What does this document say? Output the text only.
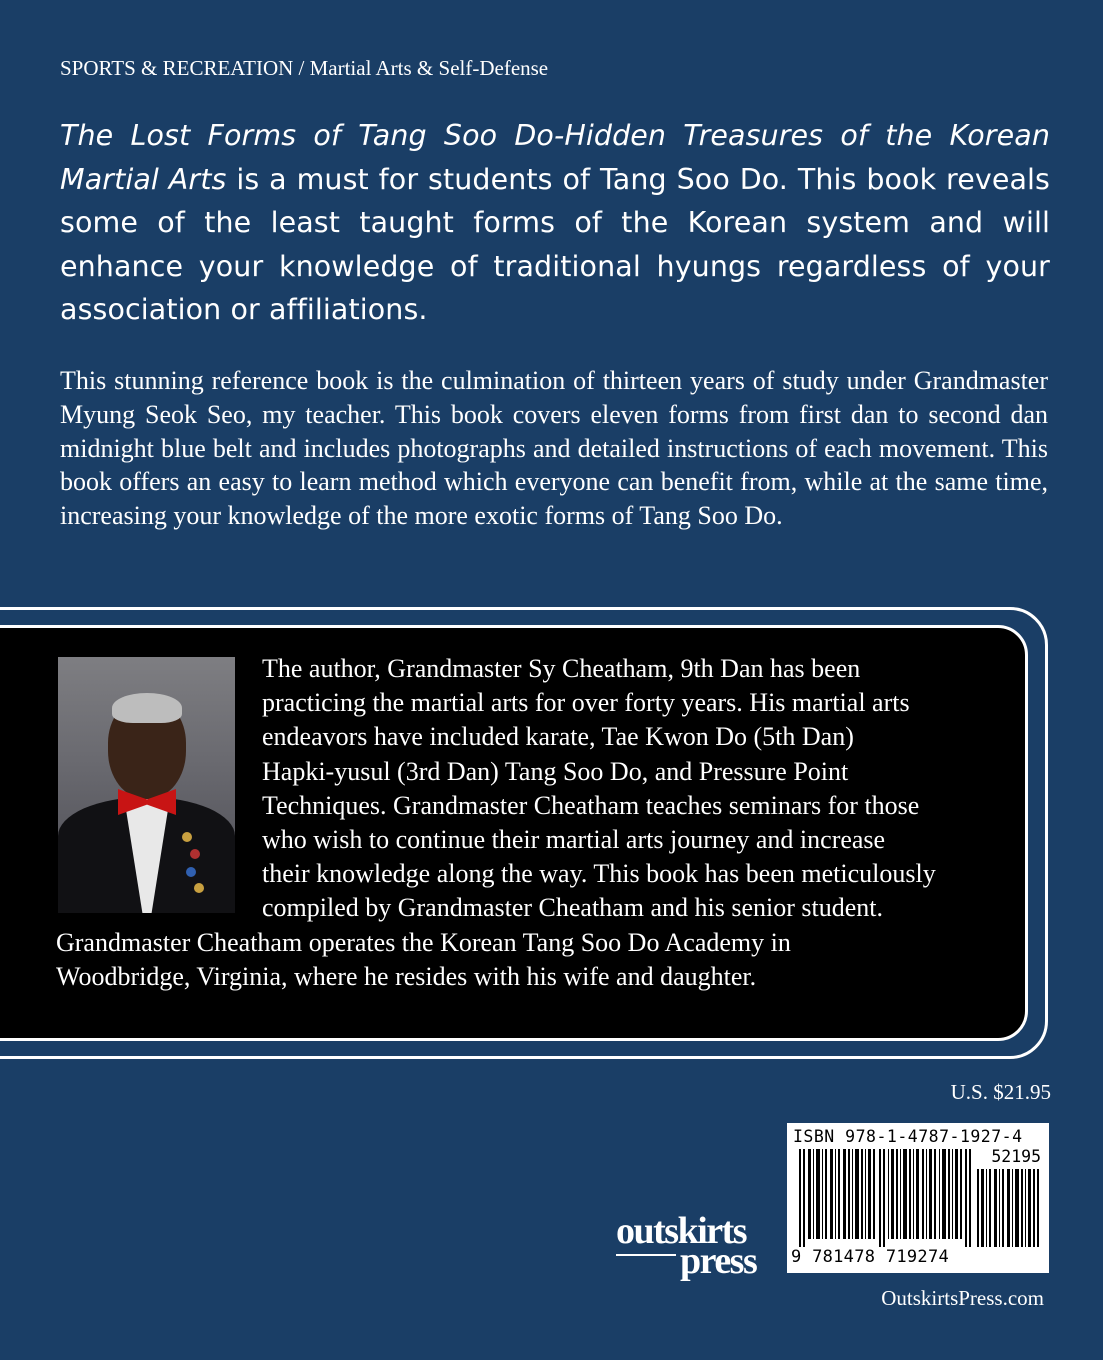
SPORTS & RECREATION / Martial Arts & Self-Defense
The Lost Forms of Tang Soo Do-Hidden Treasures of the Korean Martial Arts is a must for students of Tang Soo Do. This book reveals some of the least taught forms of the Korean system and will enhance your knowledge of traditional hyungs regardless of your association or affiliations.
This stunning reference book is the culmination of thirteen years of study under Grandmaster Myung Seok Seo, my teacher. This book covers eleven forms from first dan to second dan midnight blue belt and includes photographs and detailed instructions of each movement. This book offers an easy to learn method which everyone can benefit from, while at the same time, increasing your knowledge of the more exotic forms of Tang Soo Do.
The author, Grandmaster Sy Cheatham, 9th Dan has been
practicing the martial arts for over forty years. His martial arts
endeavors have included karate, Tae Kwon Do (5th Dan)
Hapki-yusul (3rd Dan) Tang Soo Do, and Pressure Point
Techniques. Grandmaster Cheatham teaches seminars for those
who wish to continue their martial arts journey and increase
their knowledge along the way. This book has been meticulously
compiled by Grandmaster Cheatham and his senior student.
Grandmaster Cheatham operates the Korean Tang Soo Do Academy in
Woodbridge, Virginia, where he resides with his wife and daughter.
U.S. $21.95
ISBN 978-1-4787-1927-4
52195
9 781478 719274
outskirts
press
OutskirtsPress.com
